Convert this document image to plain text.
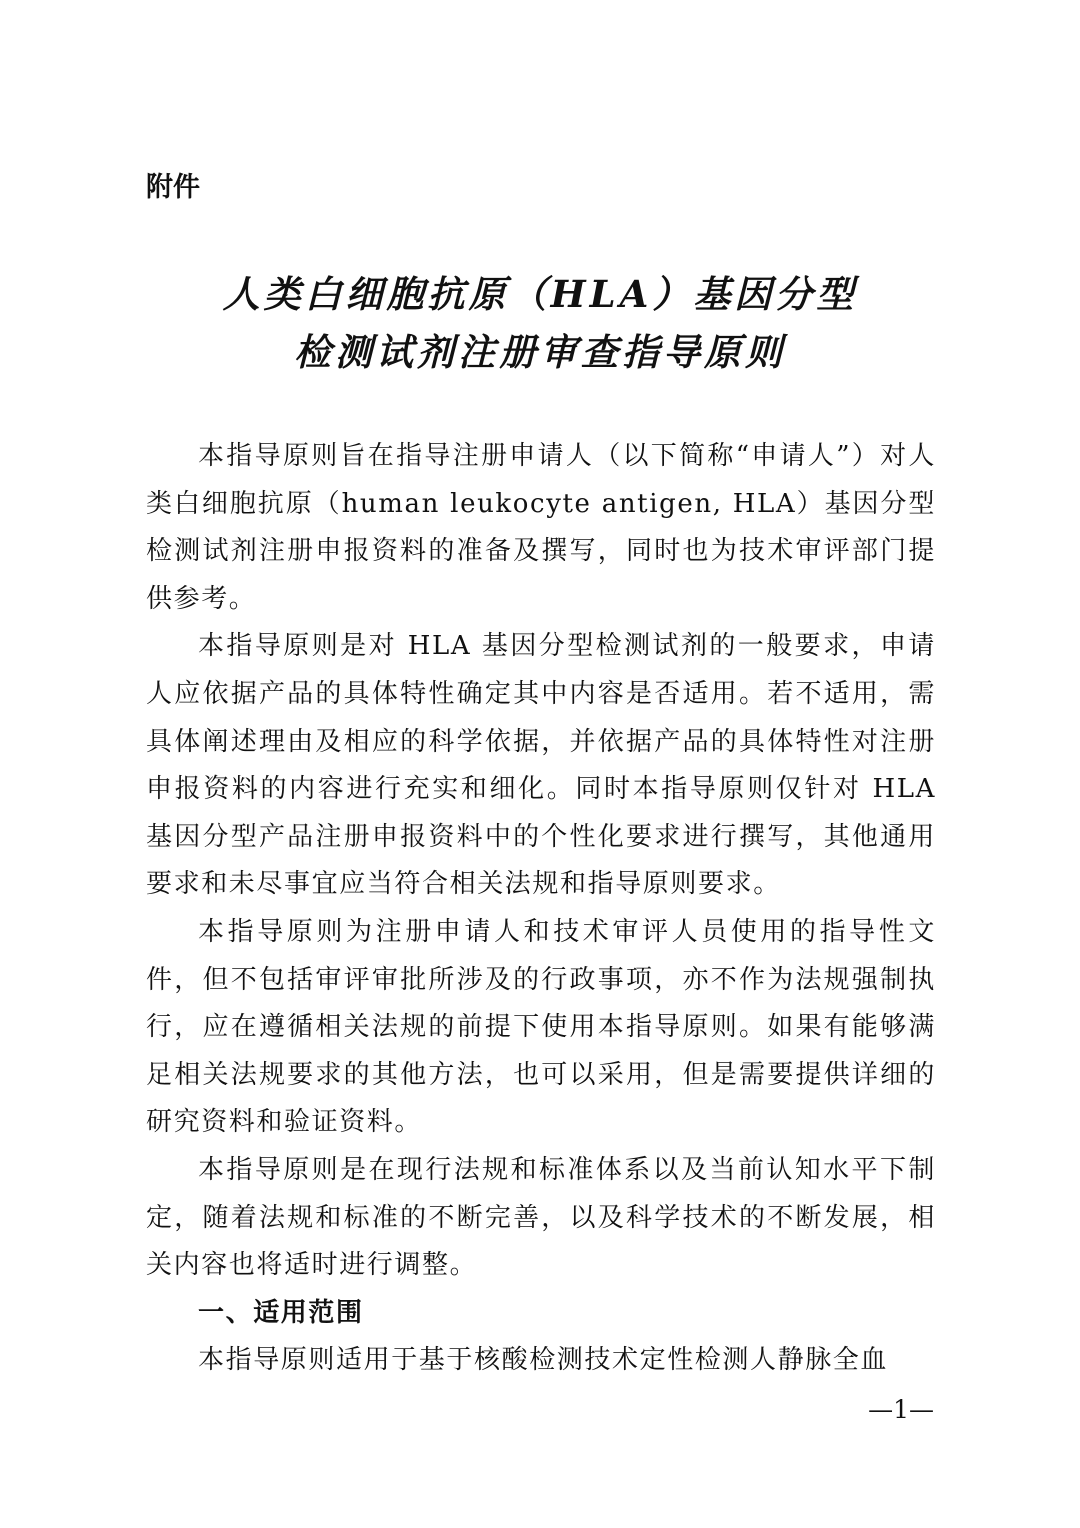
附件
人类白细胞抗原（HLA）基因分型
检测试剂注册审查指导原则

本指导原则旨在指导注册申请人（以下简称“申请人”）对人类白细胞抗原（human leukocyte antigen, HLA）基因分型检测试剂注册申报资料的准备及撰写，同时也为技术审评部门提供参考。

本指导原则是对 HLA 基因分型检测试剂的一般要求，申请人应依据产品的具体特性确定其中内容是否适用。若不适用，需具体阐述理由及相应的科学依据，并依据产品的具体特性对注册申报资料的内容进行充实和细化。同时本指导原则仅针对 HLA 基因分型产品注册申报资料中的个性化要求进行撰写，其他通用要求和未尽事宜应当符合相关法规和指导原则要求。

本指导原则为注册申请人和技术审评人员使用的指导性文件，但不包括审评审批所涉及的行政事项，亦不作为法规强制执行，应在遵循相关法规的前提下使用本指导原则。如果有能够满足相关法规要求的其他方法，也可以采用，但是需要提供详细的研究资料和验证资料。

本指导原则是在现行法规和标准体系以及当前认知水平下制定，随着法规和标准的不断完善，以及科学技术的不断发展，相关内容也将适时进行调整。

一、适用范围

本指导原则适用于基于核酸检测技术定性检测人静脉全血

—1—
